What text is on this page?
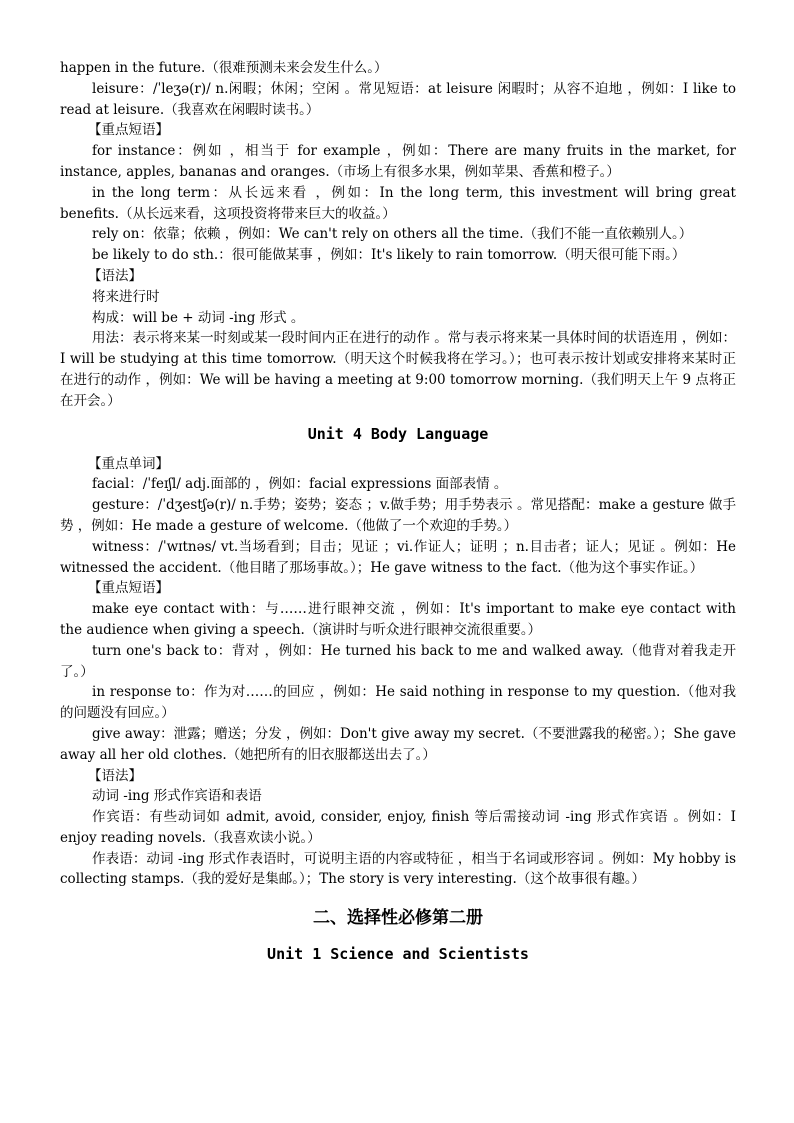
happen in the future.（很难预测未来会发生什么。）

leisure：/ˈleʒə(r)/ n.闲暇；休闲；空闲 。常见短语：at leisure 闲暇时；从容不迫地 ，例如：I like to read at leisure.（我喜欢在闲暇时读书。）

【重点短语】

for instance：例如 ，相当于 for example ，例如：There are many fruits in the market, for instance, apples, bananas and oranges.（市场上有很多水果，例如苹果、香蕉和橙子。）

in the long term：从长远来看 ，例如：In the long term, this investment will bring great benefits.（从长远来看，这项投资将带来巨大的收益。）

rely on：依靠；依赖 ，例如：We can't rely on others all the time.（我们不能一直依赖别人。）

be likely to do sth.：很可能做某事 ，例如：It's likely to rain tomorrow.（明天很可能下雨。）

【语法】

将来进行时

构成：will be + 动词 -ing 形式 。

用法：表示将来某一时刻或某一段时间内正在进行的动作 。常与表示将来某一具体时间的状语连用 ，例如：I will be studying at this time tomorrow.（明天这个时候我将在学习。）；也可表示按计划或安排将来某时正在进行的动作 ，例如：We will be having a meeting at 9:00 tomorrow morning.（我们明天上午 9 点将正在开会。）

Unit 4 Body Language

【重点单词】

facial：/ˈfeɪʃl/ adj.面部的 ，例如：facial expressions 面部表情 。

gesture：/ˈdʒestʃə(r)/ n.手势；姿势；姿态 ；v.做手势；用手势表示 。常见搭配：make a gesture 做手势 ，例如：He made a gesture of welcome.（他做了一个欢迎的手势。）

witness：/ˈwɪtnəs/ vt.当场看到；目击；见证 ；vi.作证人；证明 ；n.目击者；证人；见证 。例如：He witnessed the accident.（他目睹了那场事故。）；He gave witness to the fact.（他为这个事实作证。）

【重点短语】

make eye contact with：与……进行眼神交流 ，例如：It's important to make eye contact with the audience when giving a speech.（演讲时与听众进行眼神交流很重要。）

turn one's back to：背对 ，例如：He turned his back to me and walked away.（他背对着我走开了。）

in response to：作为对……的回应 ，例如：He said nothing in response to my question.（他对我的问题没有回应。）

give away：泄露；赠送；分发 ，例如：Don't give away my secret.（不要泄露我的秘密。）；She gave away all her old clothes.（她把所有的旧衣服都送出去了。）

【语法】

动词 -ing 形式作宾语和表语

作宾语：有些动词如 admit, avoid, consider, enjoy, finish 等后需接动词 -ing 形式作宾语 。例如：I enjoy reading novels.（我喜欢读小说。）

作表语：动词 -ing 形式作表语时，可说明主语的内容或特征 ，相当于名词或形容词 。例如：My hobby is collecting stamps.（我的爱好是集邮。）；The story is very interesting.（这个故事很有趣。）

二、选择性必修第二册
Unit 1 Science and Scientists
